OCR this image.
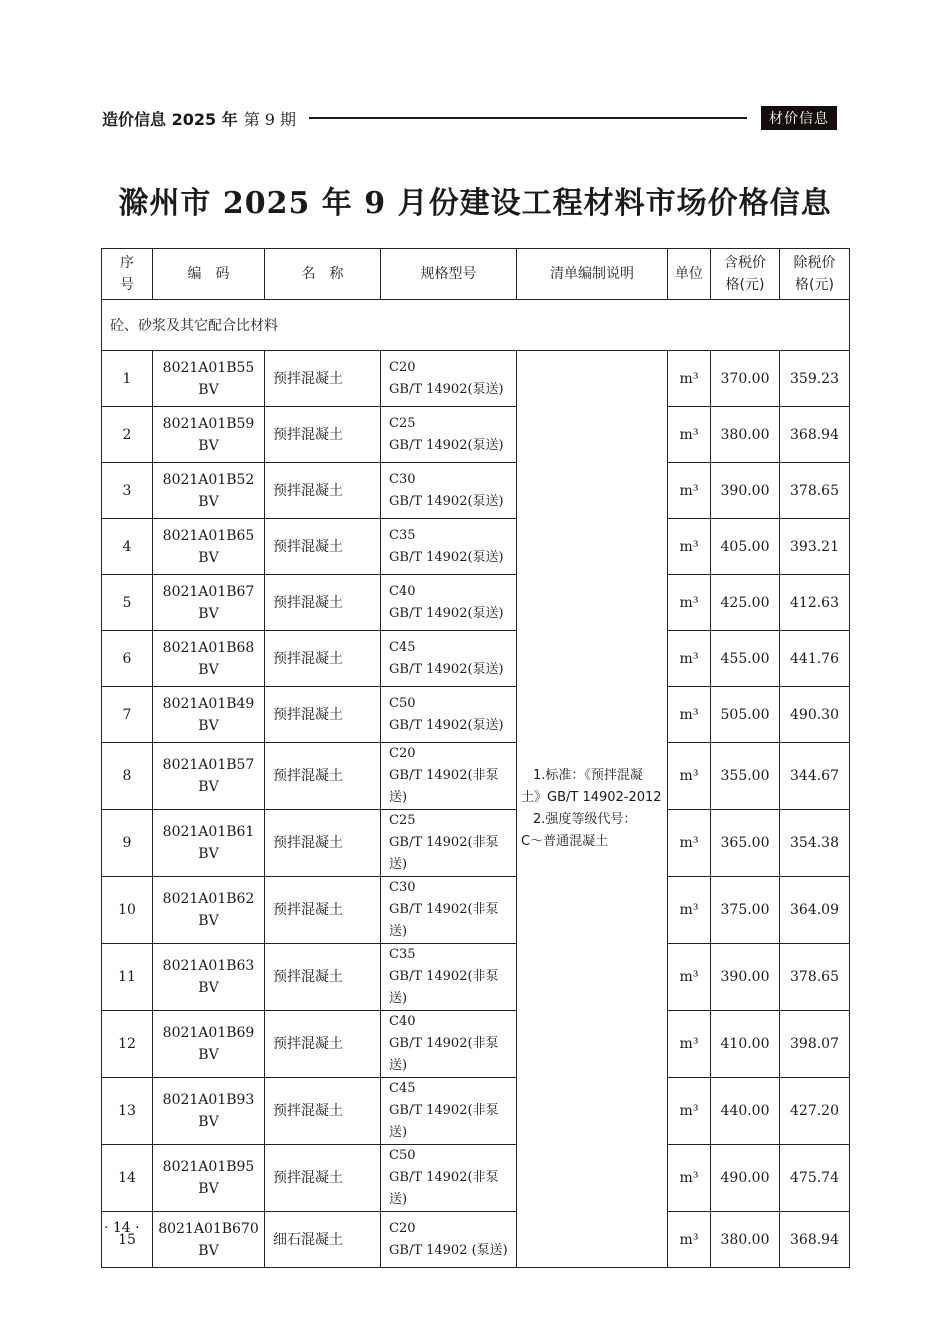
造价信息 2025 年 第 9 期	材价信息
滁州市 2025 年 9 月份建设工程材料市场价格信息
序
号	编　码	名　称	规格型号	清单编制说明	单位	含税价
格(元)	除税价
格(元)
砼、砂浆及其它配合比材料							
1	8021A01B55
BV	预拌混凝土	C20
GB/T 14902(泵送)	1.标准：《预拌混凝
土》GB/T 14902-2012
2.强度等级代号：
C～普通混凝土	m³	370.00	359.23
2	8021A01B59
BV	预拌混凝土	C25
GB/T 14902(泵送)		m³	380.00	368.94
3	8021A01B52
BV	预拌混凝土	C30
GB/T 14902(泵送)		m³	390.00	378.65
4	8021A01B65
BV	预拌混凝土	C35
GB/T 14902(泵送)		m³	405.00	393.21
5	8021A01B67
BV	预拌混凝土	C40
GB/T 14902(泵送)		m³	425.00	412.63
6	8021A01B68
BV	预拌混凝土	C45
GB/T 14902(泵送)		m³	455.00	441.76
7	8021A01B49
BV	预拌混凝土	C50
GB/T 14902(泵送)		m³	505.00	490.30
8	8021A01B57
BV	预拌混凝土	C20
GB/T 14902(非泵送)		m³	355.00	344.67
9	8021A01B61
BV	预拌混凝土	C25
GB/T 14902(非泵送)		m³	365.00	354.38
10	8021A01B62
BV	预拌混凝土	C30
GB/T 14902(非泵送)		m³	375.00	364.09
11	8021A01B63
BV	预拌混凝土	C35
GB/T 14902(非泵送)		m³	390.00	378.65
12	8021A01B69
BV	预拌混凝土	C40
GB/T 14902(非泵送)		m³	410.00	398.07
13	8021A01B93
BV	预拌混凝土	C45
GB/T 14902(非泵送)		m³	440.00	427.20
14	8021A01B95
BV	预拌混凝土	C50
GB/T 14902(非泵送)		m³	490.00	475.74
15	8021A01B670
BV	细石混凝土	C20
GB/T 14902 (泵送)		m³	380.00	368.94
· 14 ·
